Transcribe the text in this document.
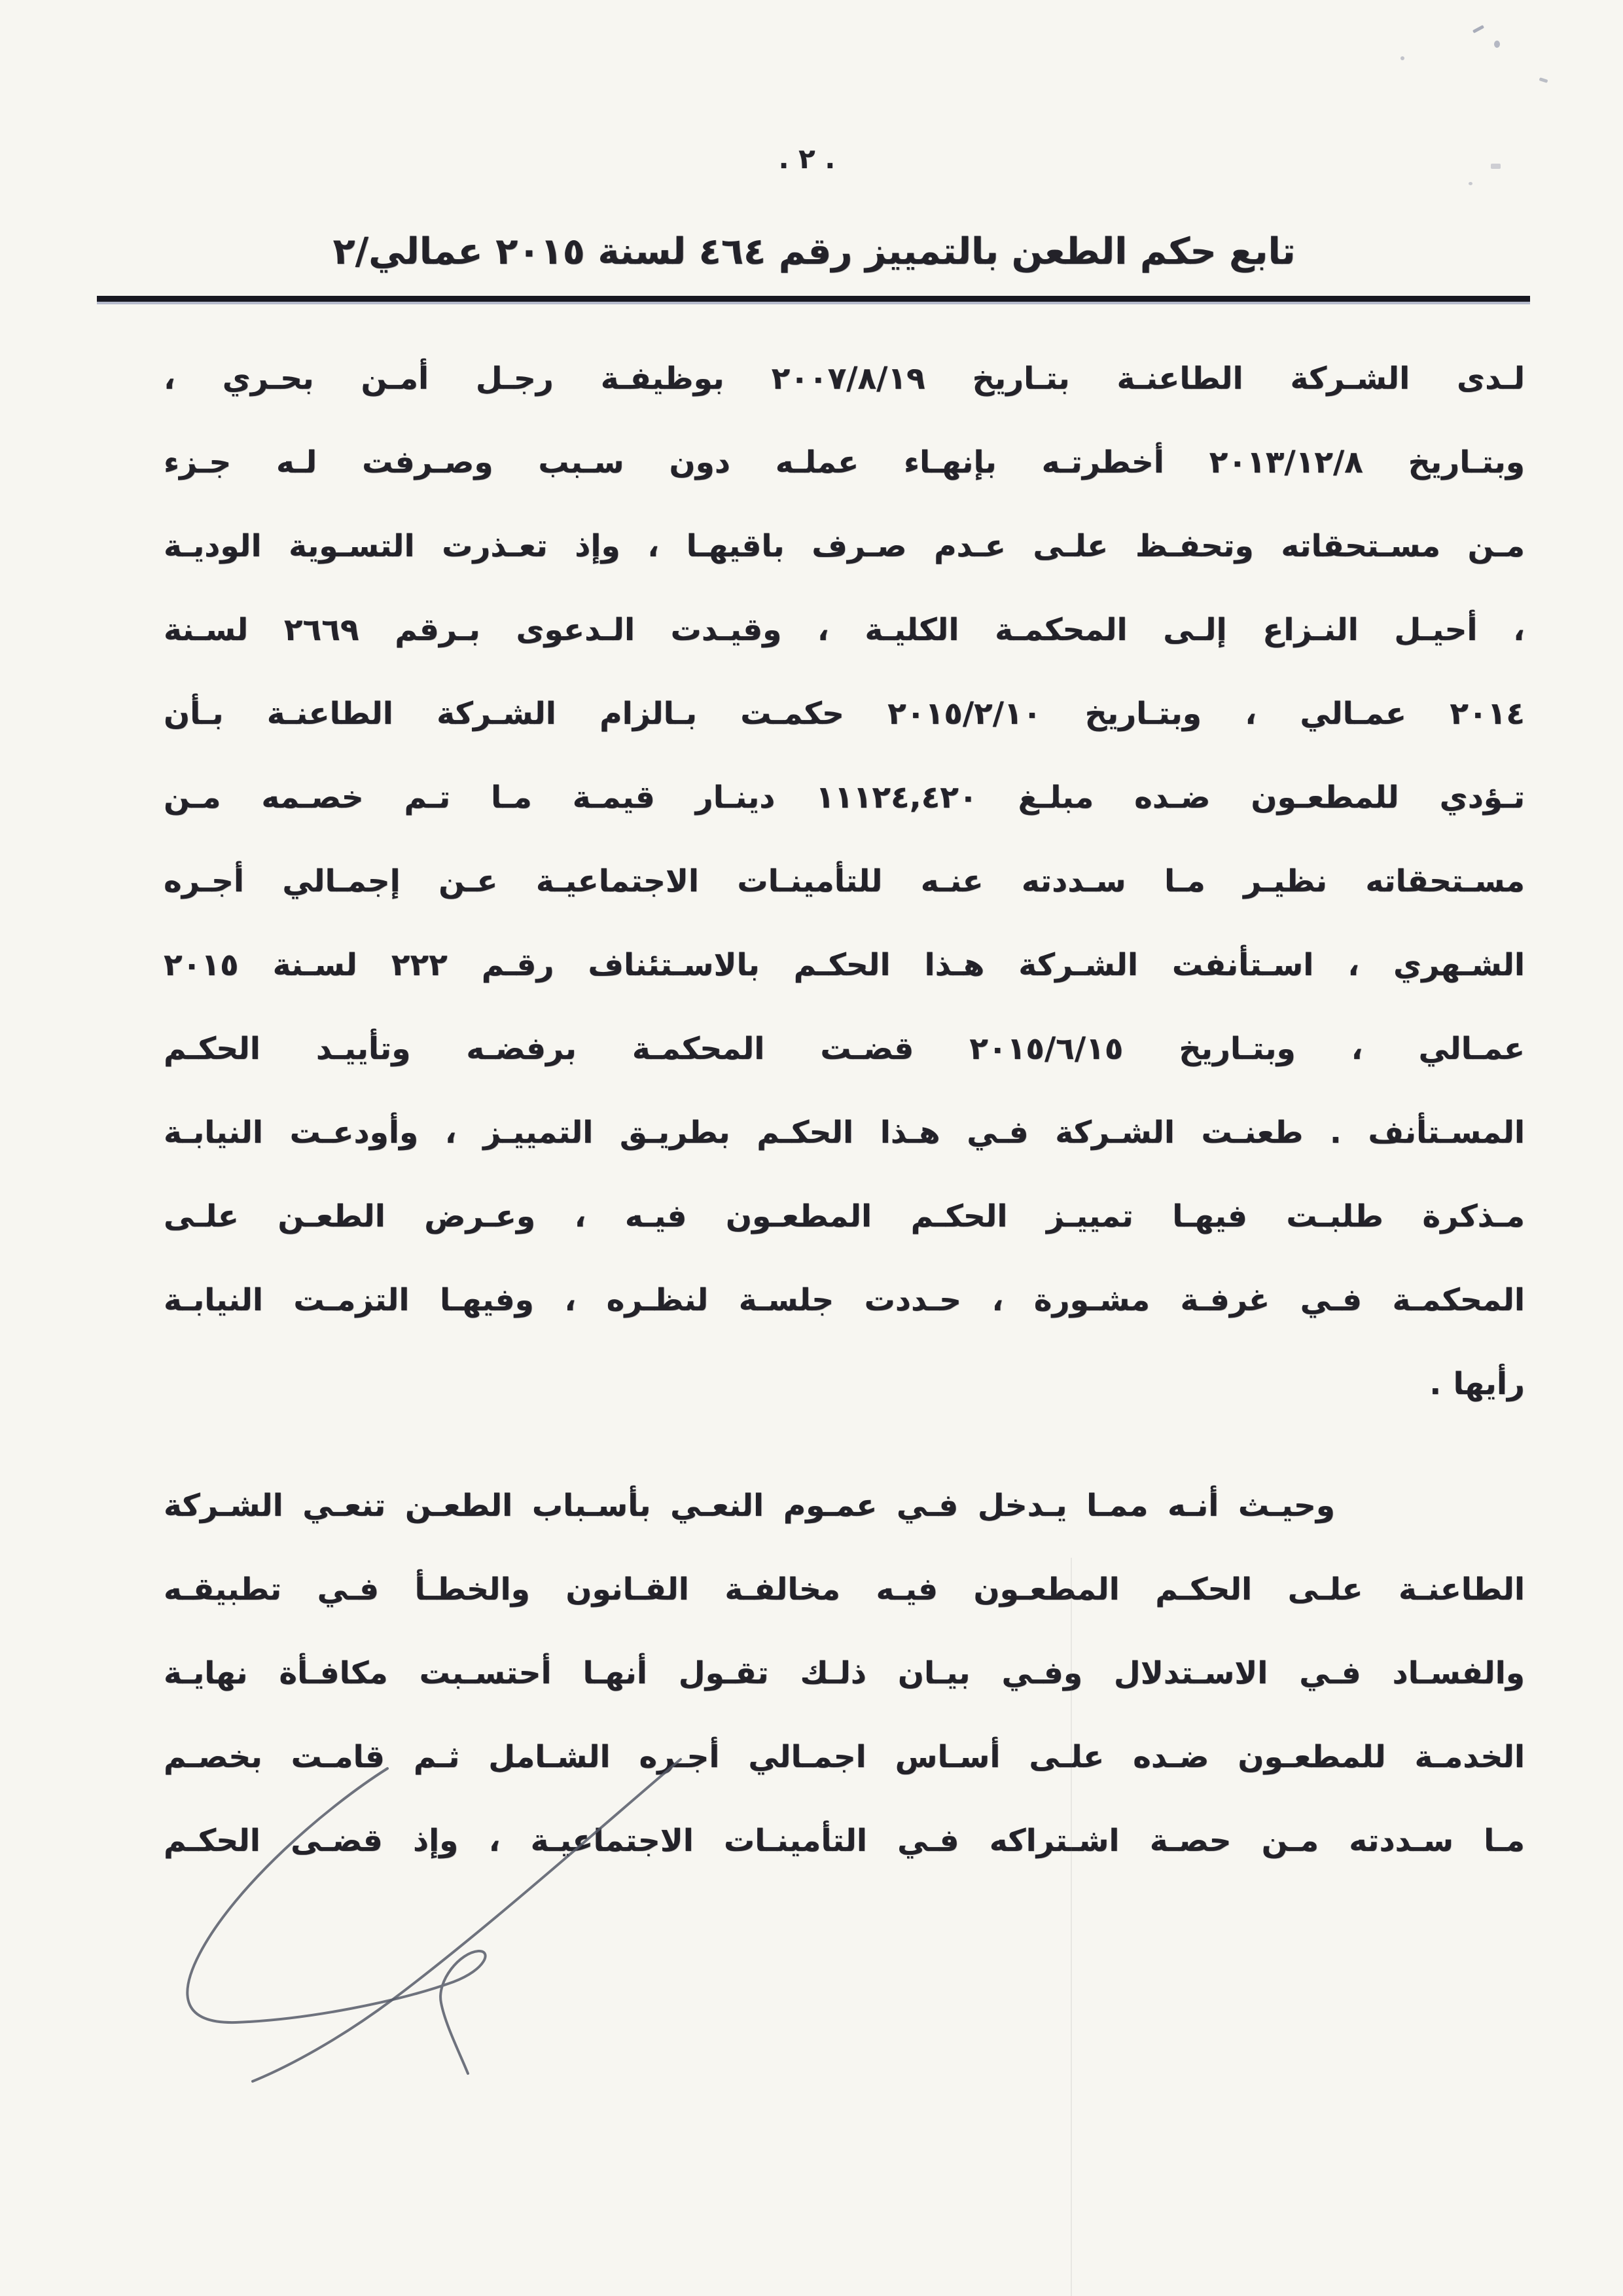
. ٢ .
تابع حكم الطعن بالتمييز رقم ٤٦٤ لسنة ٢٠١٥ عمالي/٢
لـدى الشـركة الطاعنـة بتـاريخ ٢٠٠٧/٨/١٩ بوظيفـة رجـل أمـن بحـري ،
وبتـاريخ ٢٠١٣/١٢/٨ أخطرتـه بإنهـاء عملـه دون سـبب وصـرفت لـه جـزء
مـن مسـتحقاته وتحفـظ علـى عـدم صـرف باقيهـا ، وإذ تعـذرت التسـوية الوديـة
، أحيـل النـزاع إلـى المحكمـة الكليـة ، وقيـدت الـدعوى بـرقم ٢٦٦٩ لسـنة
٢٠١٤ عمـالي ، وبتـاريخ ٢٠١٥/٢/١٠ حكمـت بـالزام الشـركة الطاعنـة بـأن
تـؤدي للمطعـون ضـده مبلـغ ١١١٢٤,٤٢٠ دينـار قيمـة مـا تـم خصـمه مـن
مسـتحقاته نظيـر مـا سـددته عنـه للتأمينـات الاجتماعيـة عـن إجمـالي أجـره
الشـهري ، اسـتأنفت الشـركة هـذا الحكـم بالاسـتئناف رقـم ٢٢٢ لسـنة ٢٠١٥
عمـالي ، وبتـاريخ ٢٠١٥/٦/١٥ قضـت المحكمـة برفضـه وتأييـد الحكـم
المسـتأنف . طعنـت الشـركة فـي هـذا الحكـم بطريـق التمييـز ، وأودعـت النيابـة
مـذكرة طلبـت فيهـا تمييـز الحكـم المطعـون فيـه ، وعـرض الطعـن علـى
المحكمـة فـي غرفـة مشـورة ، حـددت جلسـة لنظـره ، وفيهـا التزمـت النيابـة
رأيها .
وحيـث أنـه ممـا يـدخل فـي عمـوم النعـي بأسـباب الطعـن تنعـي الشـركة
الطاعنـة علـى الحكـم المطعـون فيـه مخالفـة القـانون والخطـأ فـي تطبيقـه
والفسـاد فـي الاسـتدلال وفـي بيـان ذلـك تقـول أنهـا أحتسـبت مكافـأة نهايـة
الخدمـة للمطعـون ضـده علـى أسـاس اجمـالي أجـره الشـامل ثـم قامـت بخصـم
مـا سـددته مـن حصـة اشـتراكه فـي التأمينـات الاجتماعيـة ، وإذ قضـى الحكـم
